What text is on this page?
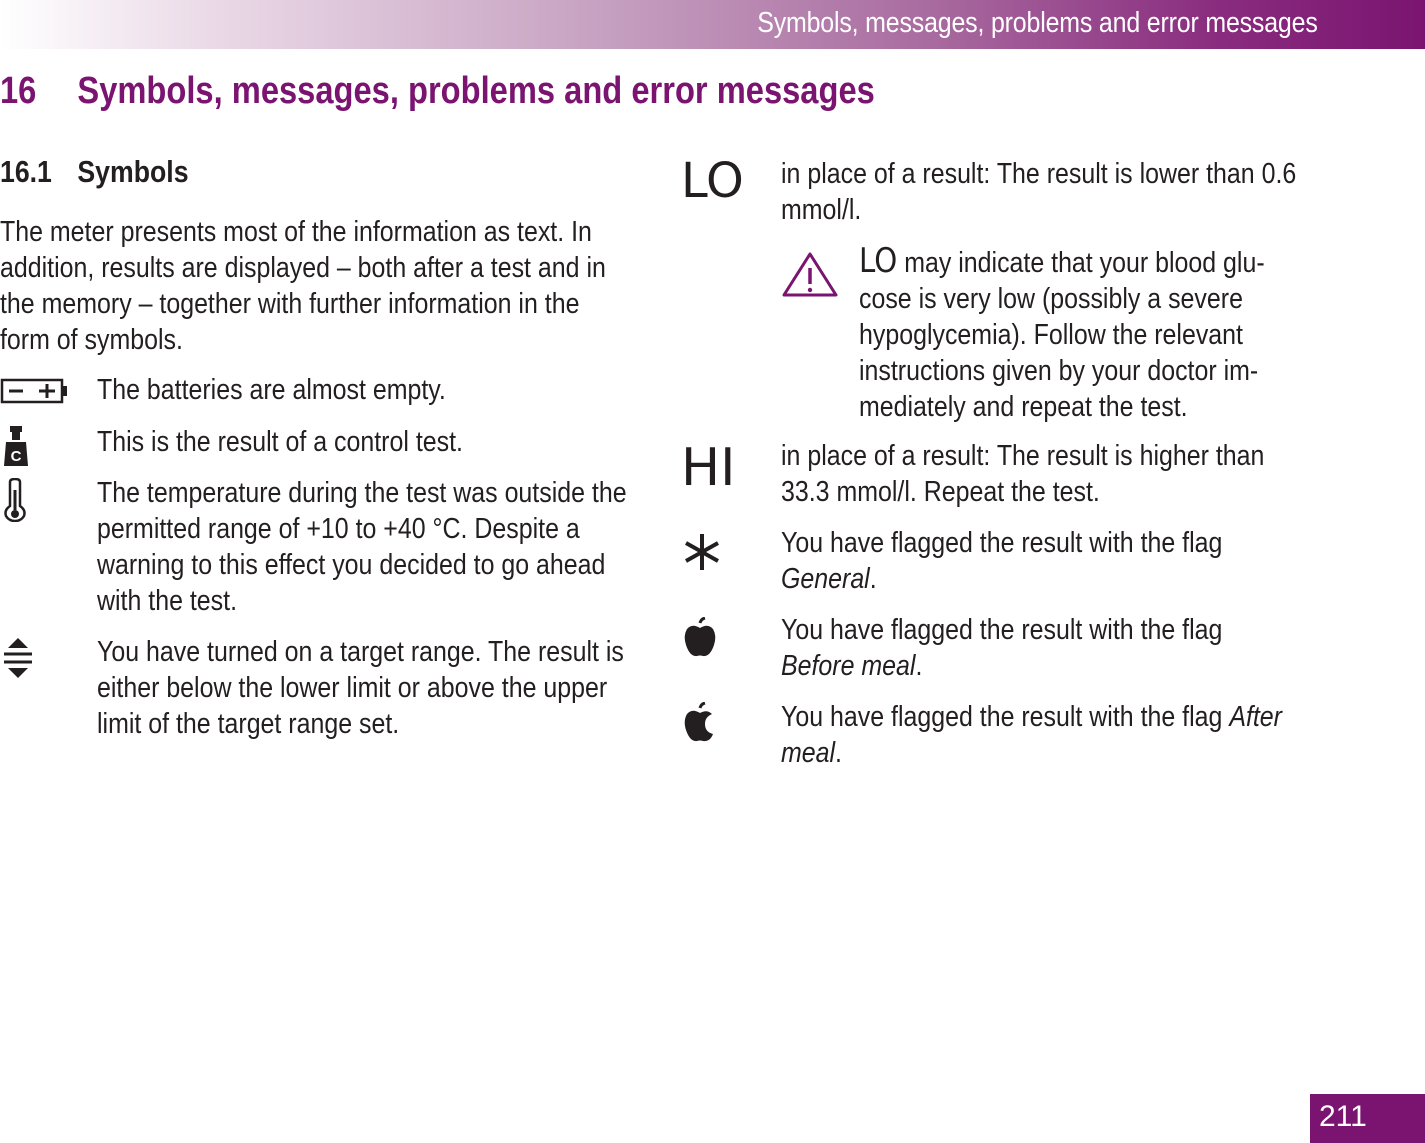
Symbols, messages, problems and error messages
16 Symbols, messages, problems and error messages
16.1 Symbols
The meter presents most of the information as text. In addition, results are displayed – both after a test and in the memory – together with further information in the form of symbols.
The batteries are almost empty.
C	This is the result of a control test.
The temperature during the test was outside the permitted range of +10 to +40 °C. Despite a warning to this effect you decided to go ahead with the test.
You have turned on a target range. The result is either below the lower limit or above the upper limit of the target range set.
LO in place of a result: The result is lower than 0.6 mmol/l.
LO may indicate that your blood glu-cose is very low (possibly a severe hypoglycemia). Follow the relevant instructions given by your doctor im-mediately and repeat the test.
HI in place of a result: The result is higher than 33.3 mmol/l. Repeat the test.
You have flagged the result with the flag General.
You have flagged the result with the flag Before meal.
You have flagged the result with the flag After meal.
211
